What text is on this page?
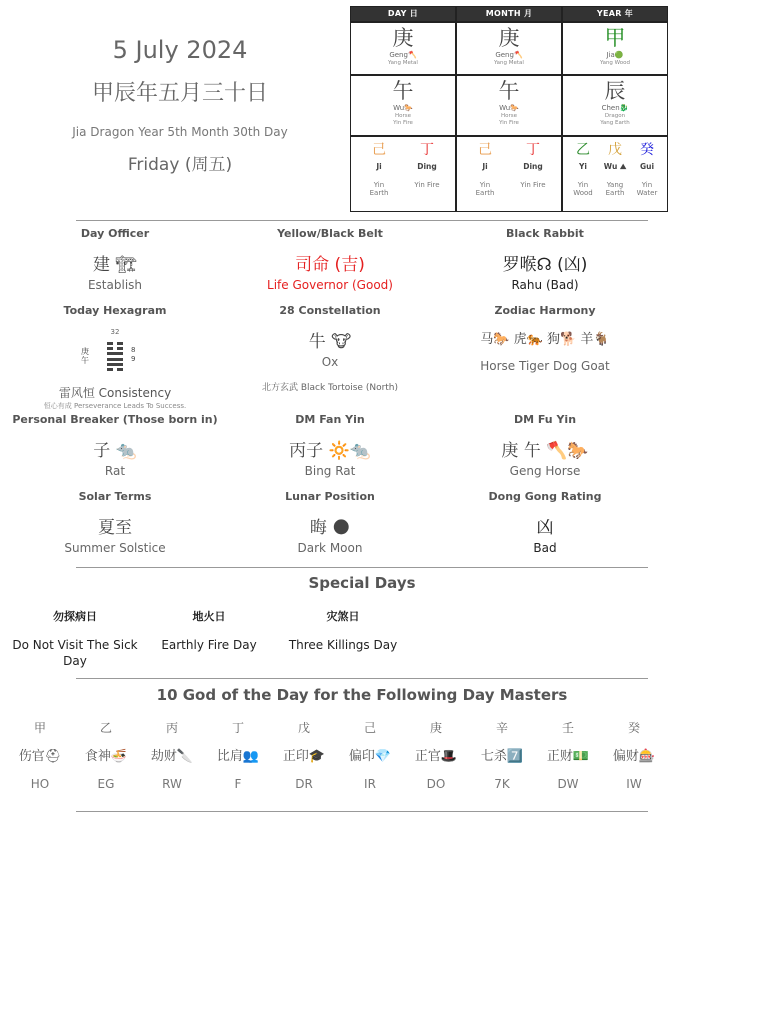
5 July 2024
甲辰年五月三十日
Jia Dragon Year 5th Month 30th Day
Friday (周五)
DAY 日
庚
Geng🪓
Yang Metal
午
Wu🐎
Horse
Yin Fire
己
Ji
Yin Earth
丁
Ding
Yin Fire
MONTH 月
庚
Geng🪓
Yang Metal
午
Wu🐎
Horse
Yin Fire
己
Ji
Yin Earth
丁
Ding
Yin Fire
YEAR 年
甲
Jia🟢
Yang Wood
辰
Chen🐉
Dragon
Yang Earth
乙
Yi
Yin Wood
戊
Wu ⛰
Yang Earth
癸
Gui
Yin Water
Day Officer
建 🏗
Establish
Yellow/Black Belt
司命 (吉)
Life Governor (Good)
Black Rabbit
罗喉☊ (凶)
Rahu (Bad)
Today Hexagram
32
庚
午
8
9
雷风恒 Consistency
恒心有成 Perseverance Leads To Success.
28 Constellation
牛 🐮
Ox
北方玄武 Black Tortoise (North)
Zodiac Harmony
马🐎 虎🐅 狗🐕 羊🐐
Horse Tiger Dog Goat
Personal Breaker (Those born in)
子 🐀
Rat
DM Fan Yin
丙子 🔆🐀
Bing Rat
DM Fu Yin
庚 午 🪓🐎
Geng Horse
Solar Terms
夏至
Summer Solstice
Lunar Position
晦 🌑
Dark Moon
Dong Gong Rating
凶
Bad
Special Days
勿探病日
Do Not Visit The Sick Day
地火日
Earthly Fire Day
灾煞日
Three Killings Day
10 God of the Day for the Following Day Masters
甲
伤官⛑
HO
乙
食神🍜
EG
丙
劫财🔪
RW
丁
比肩👥
F
戊
正印🎓
DR
己
偏印💎
IR
庚
正官🎩
DO
辛
七杀7️⃣
7K
壬
正财💵
DW
癸
偏财🎰
IW
